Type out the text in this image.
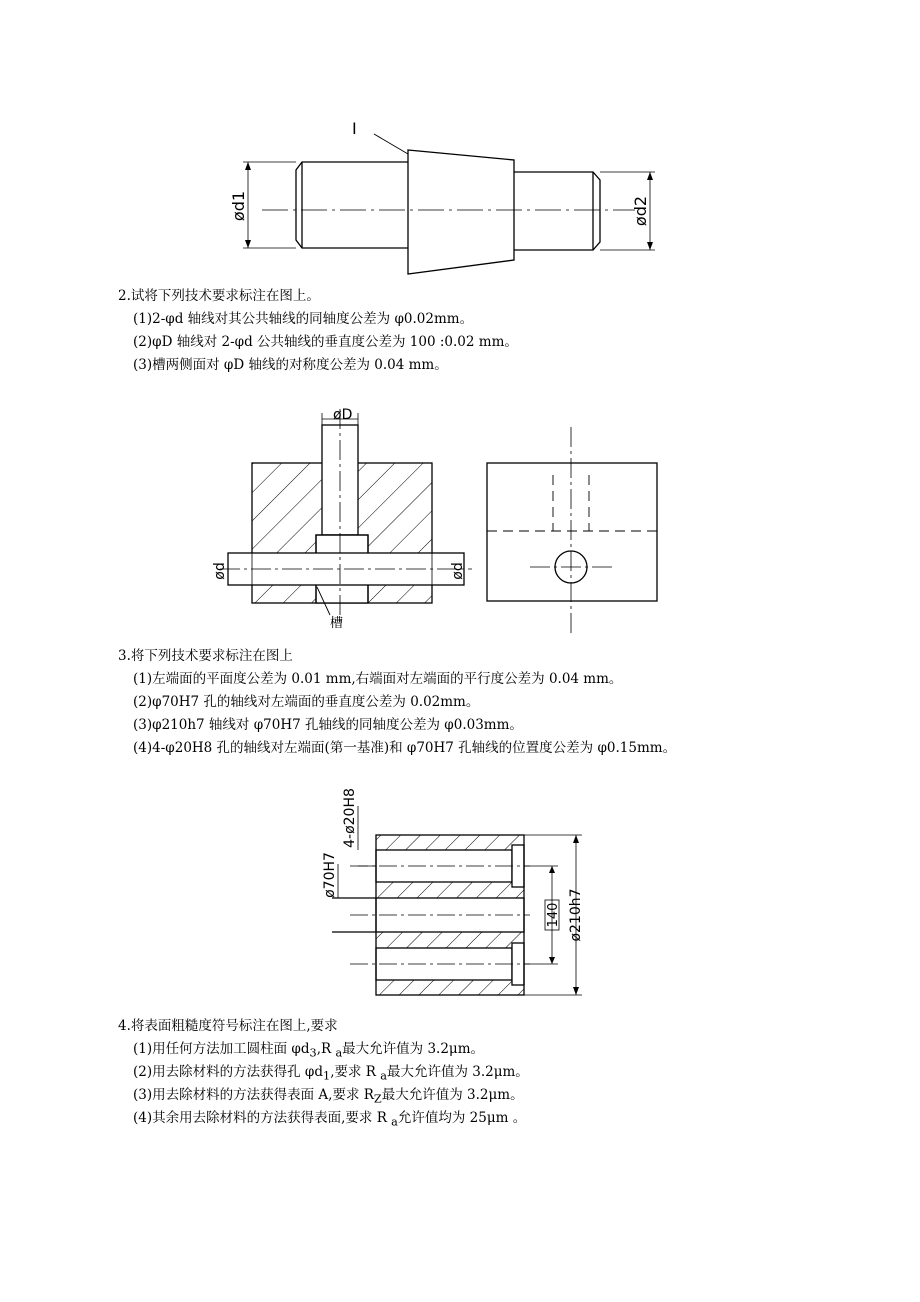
I
ød1	ød2
2.试将下列技术要求标注在图上。
(1)2-φd 轴线对其公共轴线的同轴度公差为 φ0.02mm。
(2)φD 轴线对 2-φd 公共轴线的垂直度公差为 100 :0.02 mm。
(3)槽两侧面对 φD 轴线的对称度公差为 0.04 mm。
øD
ød	ød
槽
3.将下列技术要求标注在图上
(1)左端面的平面度公差为 0.01 mm,右端面对左端面的平行度公差为 0.04 mm。
(2)φ70H7 孔的轴线对左端面的垂直度公差为 0.02mm。
(3)φ210h7 轴线对 φ70H7 孔轴线的同轴度公差为 φ0.03mm。
(4)4-φ20H8 孔的轴线对左端面(第一基准)和 φ70H7 孔轴线的位置度公差为 φ0.15mm。
4-ø20H8
ø70H7
ø210h7
140
4.将表面粗糙度符号标注在图上,要求
(1)用任何方法加工圆柱面 $\varphi d_3,R$ $_a$最大允许值为 3.2μm。
(2)用去除材料的方法获得孔 $\varphi d_1$,要求 R $_a$最大允许值为 3.2μm。
(3)用去除材料的方法获得表面 A,要求 $R_Z$最大允许值为 3.2μm。
(4)其余用去除材料的方法获得表面,要求 R $_a$允许值均为 25μm 。
